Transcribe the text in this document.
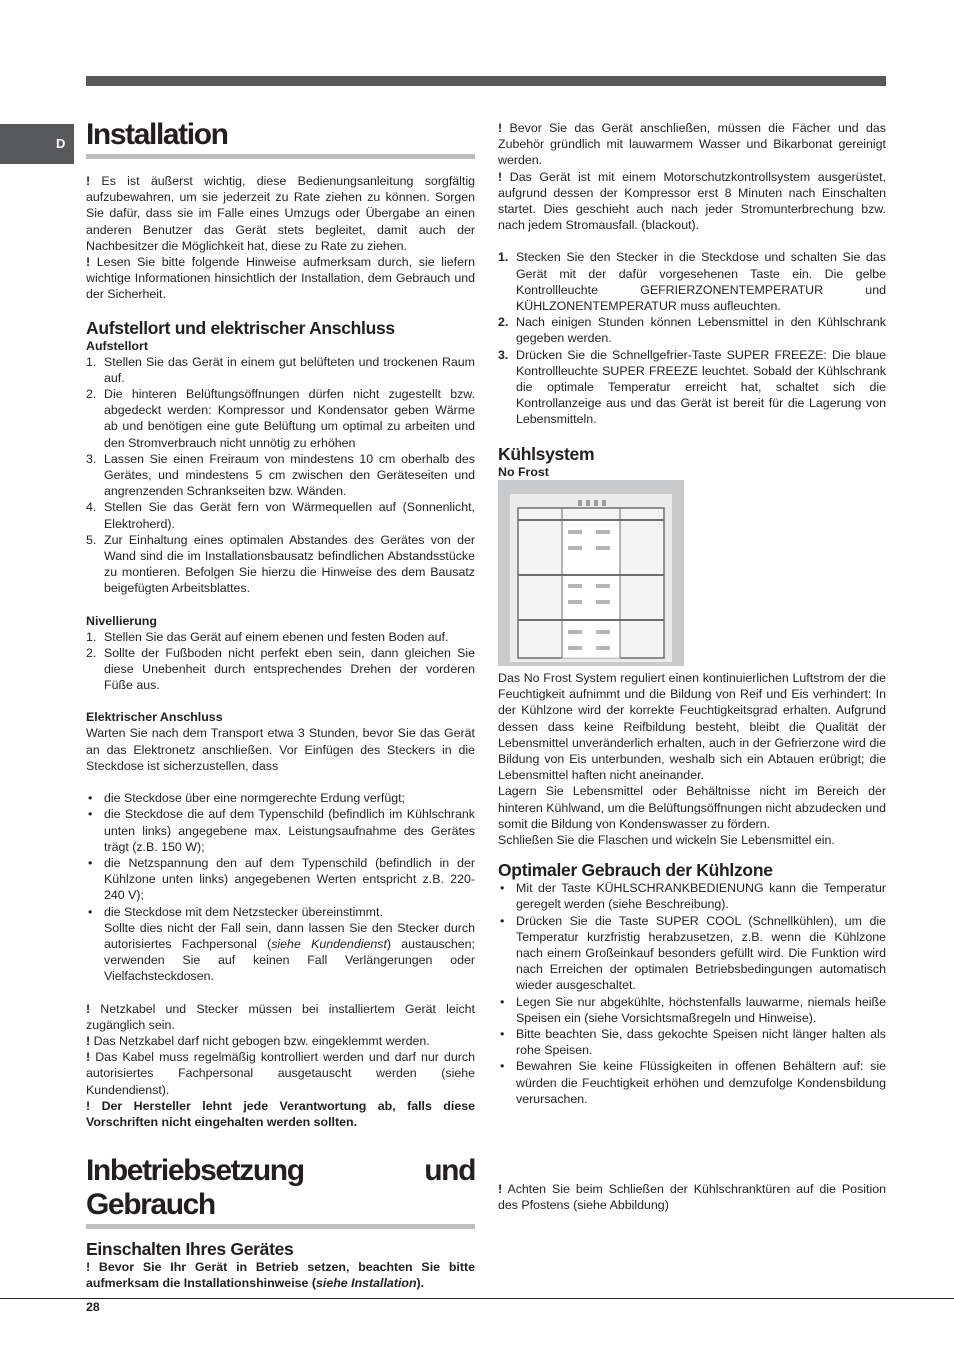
D Installation

! Es ist äußerst wichtig, diese Bedienungsanleitung sorgfältig aufzubewahren, um sie jederzeit zu Rate ziehen zu können. Sorgen Sie dafür, dass sie im Falle eines Umzugs oder Übergabe an einen anderen Benutzer das Gerät stets begleitet, damit auch der Nachbesitzer die Möglichkeit hat, diese zu Rate zu ziehen.

! Lesen Sie bitte folgende Hinweise aufmerksam durch, sie liefern wichtige Informationen hinsichtlich der Installation, dem Gebrauch und der Sicherheit.

Aufstellort und elektrischer Anschluss
Aufstellort
1. Stellen Sie das Gerät in einem gut belüfteten und trockenen Raum auf.
2. Die hinteren Belüftungsöffnungen dürfen nicht zugestellt bzw. abgedeckt werden: Kompressor und Kondensator geben Wärme ab und benötigen eine gute Belüftung um optimal zu arbeiten und den Stromverbrauch nicht unnötig zu erhöhen
3. Lassen Sie einen Freiraum von mindestens 10 cm oberhalb des Gerätes, und mindestens 5 cm zwischen den Geräteseiten und angrenzenden Schrankseiten bzw. Wänden.
4. Stellen Sie das Gerät fern von Wärmequellen auf (Sonnenlicht, Elektroherd).
5. Zur Einhaltung eines optimalen Abstandes des Gerätes von der Wand sind die im Installationsbausatz befindlichen Abstandsstücke zu montieren. Befolgen Sie hierzu die Hinweise des dem Bausatz beigefügten Arbeitsblattes.
Nivellierung
1. Stellen Sie das Gerät auf einem ebenen und festen Boden auf.
2. Sollte der Fußboden nicht perfekt eben sein, dann gleichen Sie diese Unebenheit durch entsprechendes Drehen der vorderen Füße aus.
Elektrischer Anschluss

Warten Sie nach dem Transport etwa 3 Stunden, bevor Sie das Gerät an das Elektronetz anschließen. Vor Einfügen des Steckers in die Steckdose ist sicherzustellen, dass

• die Steckdose über eine normgerechte Erdung verfügt;
• die Steckdose die auf dem Typenschild (befindlich im Kühlschrank unten links) angegebene max. Leistungsaufnahme des Gerätes trägt (z.B. 150 W);
• die Netzspannung den auf dem Typenschild (befindlich in der Kühlzone unten links) angegebenen Werten entspricht z.B. 220-240 V);
• die Steckdose mit dem Netzstecker übereinstimmt.
Sollte dies nicht der Fall sein, dann lassen Sie den Stecker durch autorisiertes Fachpersonal (siehe Kundendienst) austauschen; verwenden Sie auf keinen Fall Verlängerungen oder Vielfachsteckdosen.

! Netzkabel und Stecker müssen bei installiertem Gerät leicht zugänglich sein.

! Das Netzkabel darf nicht gebogen bzw. eingeklemmt werden.

! Das Kabel muss regelmäßig kontrolliert werden und darf nur durch autorisiertes Fachpersonal ausgetauscht werden (siehe Kundendienst).

! Der Hersteller lehnt jede Verantwortung ab, falls diese Vorschriften nicht eingehalten werden sollten.

Inbetriebsetzung und Gebrauch
Einschalten Ihres Gerätes

! Bevor Sie Ihr Gerät in Betrieb setzen, beachten Sie bitte aufmerksam die Installationshinweise (siehe Installation).

! Bevor Sie das Gerät anschließen, müssen die Fächer und das Zubehör gründlich mit lauwarmem Wasser und Bikarbonat gereinigt werden.

! Das Gerät ist mit einem Motorschutzkontrollsystem ausgerüstet, aufgrund dessen der Kompressor erst 8 Minuten nach Einschalten startet. Dies geschieht auch nach jeder Stromunterbrechung bzw. nach jedem Stromausfall. (blackout).

1. Stecken Sie den Stecker in die Steckdose und schalten Sie das Gerät mit der dafür vorgesehenen Taste ein. Die gelbe Kontrollleuchte GEFRIERZONENTEMPERATUR und KÜHLZONENTEMPERATUR muss aufleuchten.
2. Nach einigen Stunden können Lebensmittel in den Kühlschrank gegeben werden.
3. Drücken Sie die Schnellgefrier-Taste SUPER FREEZE: Die blaue Kontrollleuchte SUPER FREEZE leuchtet. Sobald der Kühlschrank die optimale Temperatur erreicht hat, schaltet sich die Kontrollanzeige aus und das Gerät ist bereit für die Lagerung von Lebensmitteln.
Kühlsystem
No Frost

Das No Frost System reguliert einen kontinuierlichen Luftstrom der die Feuchtigkeit aufnimmt und die Bildung von Reif und Eis verhindert: In der Kühlzone wird der korrekte Feuchtigkeitsgrad erhalten. Aufgrund dessen dass keine Reifbildung besteht, bleibt die Qualität der Lebensmittel unveränderlich erhalten, auch in der Gefrierzone wird die Bildung von Eis unterbunden, weshalb sich ein Abtauen erübrigt; die Lebensmittel haften nicht aneinander.

Lagern Sie Lebensmittel oder Behältnisse nicht im Bereich der hinteren Kühlwand, um die Belüftungsöffnungen nicht abzudecken und somit die Bildung von Kondenswasser zu fördern.

Schließen Sie die Flaschen und wickeln Sie Lebensmittel ein.

Optimaler Gebrauch der Kühlzone
• Mit der Taste KÜHLSCHRANKBEDIENUNG kann die Temperatur geregelt werden (siehe Beschreibung).
• Drücken Sie die Taste SUPER COOL (Schnellkühlen), um die Temperatur kurzfristig herabzusetzen, z.B. wenn die Kühlzone nach einem Großeinkauf besonders gefüllt wird. Die Funktion wird nach Erreichen der optimalen Betriebsbedingungen automatisch wieder ausgeschaltet.
• Legen Sie nur abgekühlte, höchstenfalls lauwarme, niemals heiße Speisen ein (siehe Vorsichtsmaßregeln und Hinweise).
• Bitte beachten Sie, dass gekochte Speisen nicht länger halten als rohe Speisen.
• Bewahren Sie keine Flüssigkeiten in offenen Behältern auf: sie würden die Feuchtigkeit erhöhen und demzufolge Kondensbildung verursachen.

! Achten Sie beim Schließen der Kühlschranktüren auf die Position des Pfostens (siehe Abbildung)

28
